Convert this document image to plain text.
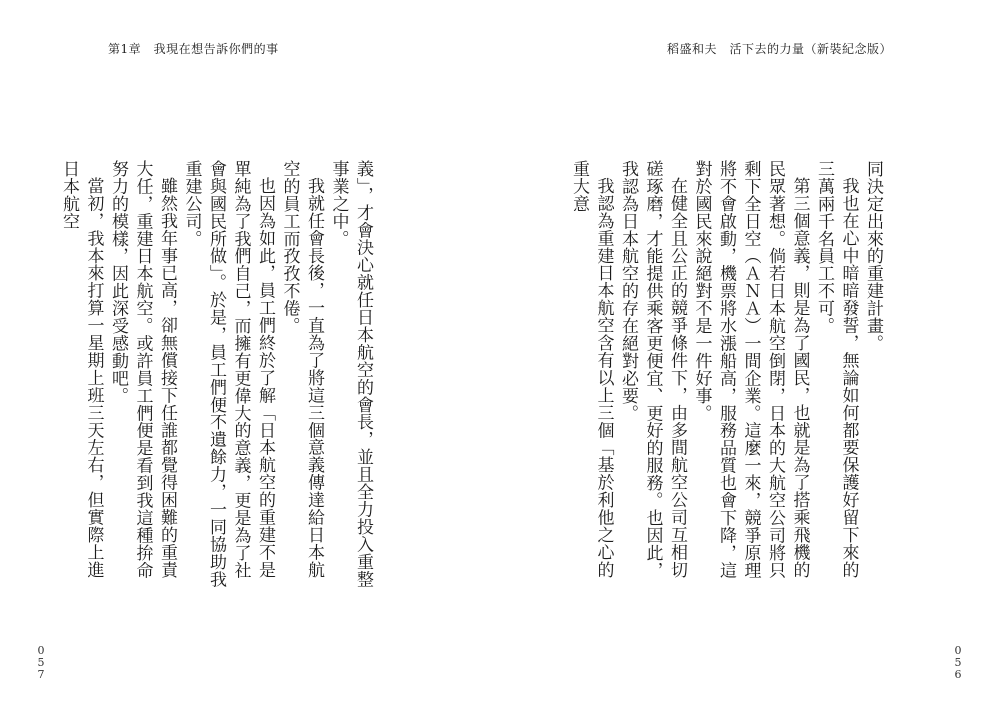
第1章　我現在想告訴你們的事	稻盛和夫　活下去的力量（新裝紀念版）

同決定出來的重建計畫。

我也在心中暗暗發誓，無論如何都要保護好留下來的三萬兩千名員工不可。

第三個意義，則是為了國民，也就是為了搭乘飛機的民眾著想。倘若日本航空倒閉，日本的大航空公司將只剩下全日空（ＡＮＡ）一間企業。這麼一來，競爭原理將不會啟動，機票將水漲船高，服務品質也會下降，這對於國民來說絕對不是一件好事。

在健全且公正的競爭條件下，由多間航空公司互相切磋琢磨，才能提供乘客更便宜、更好的服務。也因此，我認為日本航空的存在絕對必要。

我認為重建日本航空含有以上三個「基於利他之心的重大意

義」，才會決心就任日本航空的會長，並且全力投入重整事業之中。

我就任會長後，一直為了將這三個意義傳達給日本航空的員工而孜孜不倦。

也因為如此，員工們終於了解「日本航空的重建不是單純為了我們自己，而擁有更偉大的意義，更是為了社會與國民所做」。於是，員工們便不遺餘力，一同協助我重建公司。

雖然我年事已高，卻無償接下任誰都覺得困難的重責大任，重建日本航空。或許員工們便是看到我這種拚命努力的模樣，因此深受感動吧。

當初，我本來打算一星期上班三天左右，但實際上進日本航空

0
5
7
0
5
6
